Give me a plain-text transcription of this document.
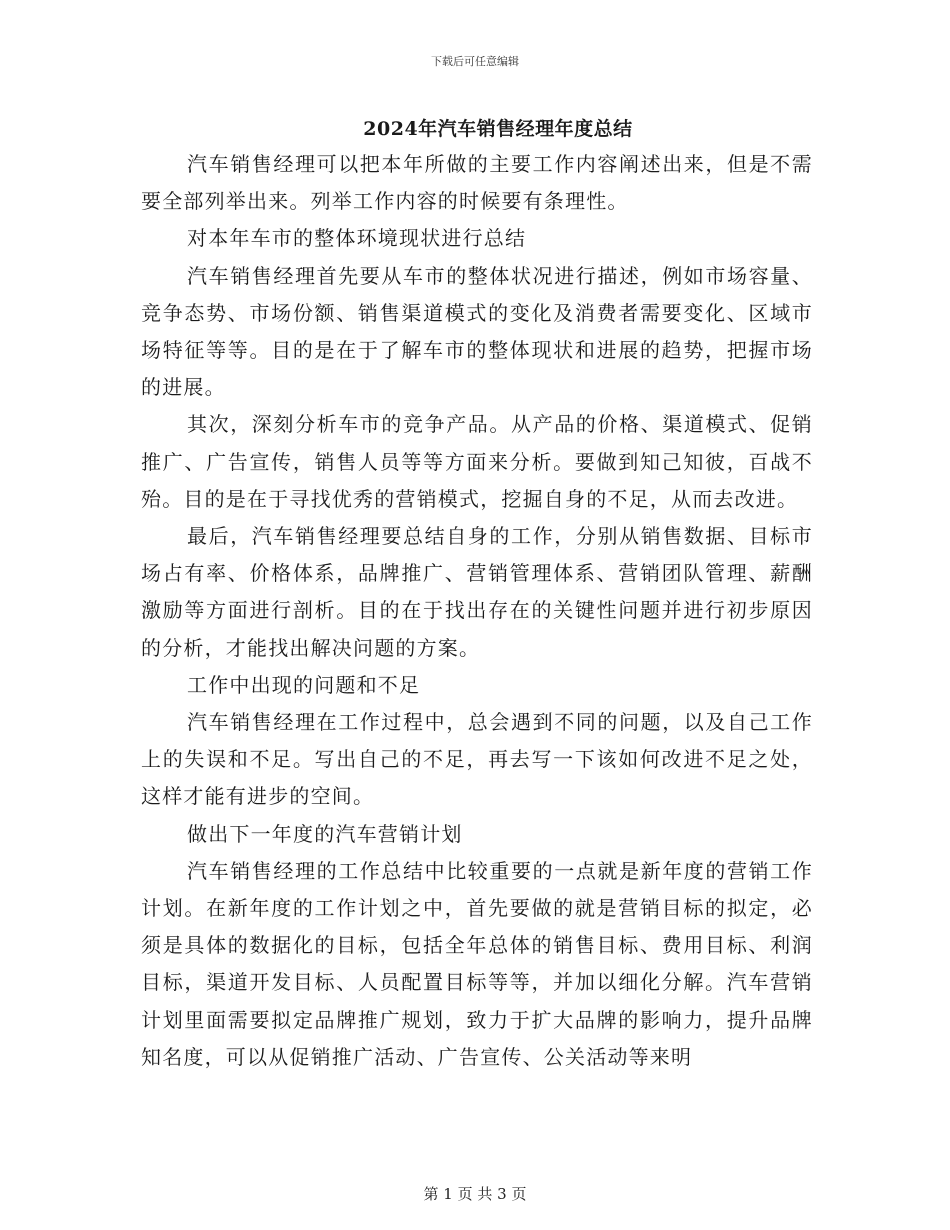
下载后可任意编辑
2024年汽车销售经理年度总结

汽车销售经理可以把本年所做的主要工作内容阐述出来，但是不需要全部列举出来。列举工作内容的时候要有条理性。

对本年车市的整体环境现状进行总结

汽车销售经理首先要从车市的整体状况进行描述，例如市场容量、竞争态势、市场份额、销售渠道模式的变化及消费者需要变化、区域市场特征等等。目的是在于了解车市的整体现状和进展的趋势，把握市场的进展。

其次，深刻分析车市的竞争产品。从产品的价格、渠道模式、促销推广、广告宣传，销售人员等等方面来分析。要做到知己知彼，百战不殆。目的是在于寻找优秀的营销模式，挖掘自身的不足，从而去改进。

最后，汽车销售经理要总结自身的工作，分别从销售数据、目标市场占有率、价格体系，品牌推广、营销管理体系、营销团队管理、薪酬激励等方面进行剖析。目的在于找出存在的关键性问题并进行初步原因的分析，才能找出解决问题的方案。

工作中出现的问题和不足

汽车销售经理在工作过程中，总会遇到不同的问题，以及自己工作上的失误和不足。写出自己的不足，再去写一下该如何改进不足之处，这样才能有进步的空间。

做出下一年度的汽车营销计划

汽车销售经理的工作总结中比较重要的一点就是新年度的营销工作计划。在新年度的工作计划之中，首先要做的就是营销目标的拟定，必须是具体的数据化的目标，包括全年总体的销售目标、费用目标、利润目标，渠道开发目标、人员配置目标等等，并加以细化分解。汽车营销计划里面需要拟定品牌推广规划，致力于扩大品牌的影响力，提升品牌知名度，可以从促销推广活动、广告宣传、公关活动等来明

第 1 页 共 3 页
